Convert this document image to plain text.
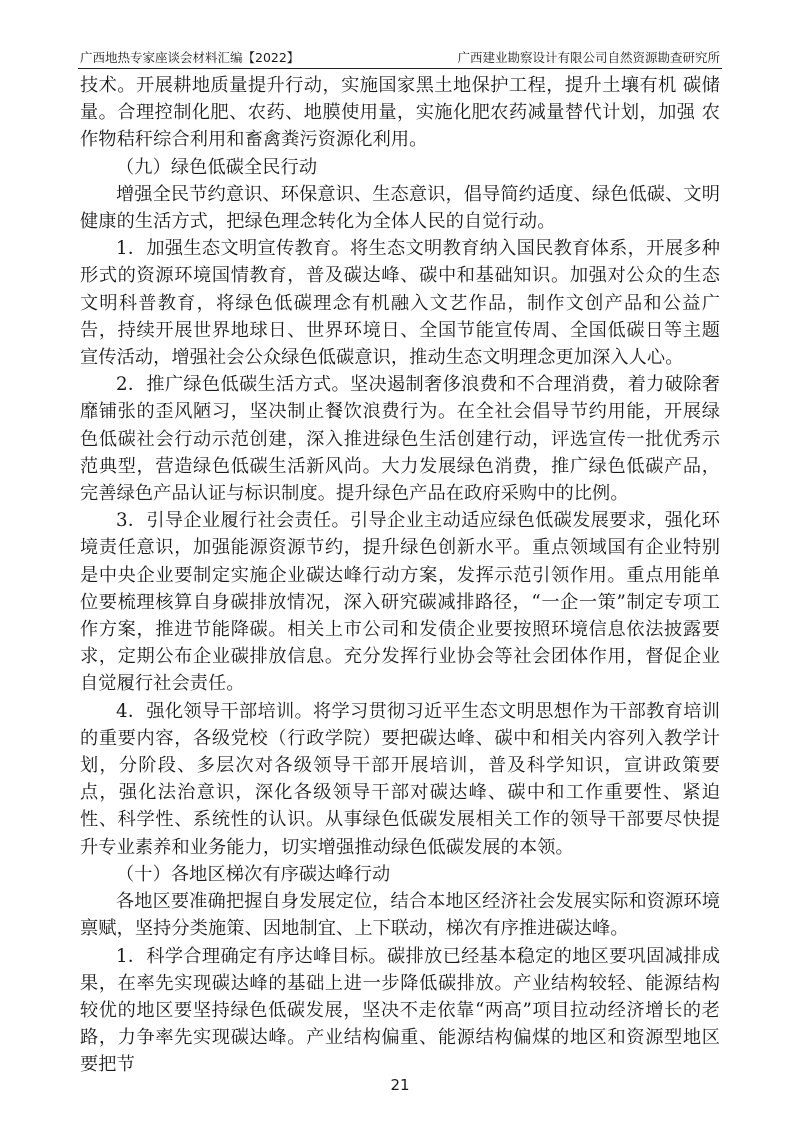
广西地热专家座谈会材料汇编【2022】	广西建业勘察设计有限公司自然资源勘查研究所

技术。开展耕地质量提升行动，实施国家黑土地保护工程，提升土壤有机 碳储量。合理控制化肥、农药、地膜使用量，实施化肥农药减量替代计划，加强 农作物秸秆综合利用和畜禽粪污资源化利用。

（九）绿色低碳全民行动

增强全民节约意识、环保意识、生态意识，倡导简约适度、绿色低碳、文明健康的生活方式，把绿色理念转化为全体人民的自觉行动。

1．加强生态文明宣传教育。将生态文明教育纳入国民教育体系，开展多种形式的资源环境国情教育，普及碳达峰、碳中和基础知识。加强对公众的生态文明科普教育，将绿色低碳理念有机融入文艺作品，制作文创产品和公益广告，持续开展世界地球日、世界环境日、全国节能宣传周、全国低碳日等主题宣传活动，增强社会公众绿色低碳意识，推动生态文明理念更加深入人心。

2．推广绿色低碳生活方式。坚决遏制奢侈浪费和不合理消费，着力破除奢靡铺张的歪风陋习，坚决制止餐饮浪费行为。在全社会倡导节约用能，开展绿色低碳社会行动示范创建，深入推进绿色生活创建行动，评选宣传一批优秀示范典型，营造绿色低碳生活新风尚。大力发展绿色消费，推广绿色低碳产品，完善绿色产品认证与标识制度。提升绿色产品在政府采购中的比例。

3．引导企业履行社会责任。引导企业主动适应绿色低碳发展要求，强化环境责任意识，加强能源资源节约，提升绿色创新水平。重点领域国有企业特别是中央企业要制定实施企业碳达峰行动方案，发挥示范引领作用。重点用能单位要梳理核算自身碳排放情况，深入研究碳减排路径，“一企一策”制定专项工作方案，推进节能降碳。相关上市公司和发债企业要按照环境信息依法披露要求，定期公布企业碳排放信息。充分发挥行业协会等社会团体作用，督促企业自觉履行社会责任。

4．强化领导干部培训。将学习贯彻习近平生态文明思想作为干部教育培训的重要内容，各级党校（行政学院）要把碳达峰、碳中和相关内容列入教学计划，分阶段、多层次对各级领导干部开展培训，普及科学知识，宣讲政策要点，强化法治意识，深化各级领导干部对碳达峰、碳中和工作重要性、紧迫性、科学性、系统性的认识。从事绿色低碳发展相关工作的领导干部要尽快提升专业素养和业务能力，切实增强推动绿色低碳发展的本领。

（十）各地区梯次有序碳达峰行动

各地区要准确把握自身发展定位，结合本地区经济社会发展实际和资源环境禀赋，坚持分类施策、因地制宜、上下联动，梯次有序推进碳达峰。

1．科学合理确定有序达峰目标。碳排放已经基本稳定的地区要巩固减排成果，在率先实现碳达峰的基础上进一步降低碳排放。产业结构较轻、能源结构较优的地区要坚持绿色低碳发展，坚决不走依靠“两高”项目拉动经济增长的老路，力争率先实现碳达峰。产业结构偏重、能源结构偏煤的地区和资源型地区要把节

21
